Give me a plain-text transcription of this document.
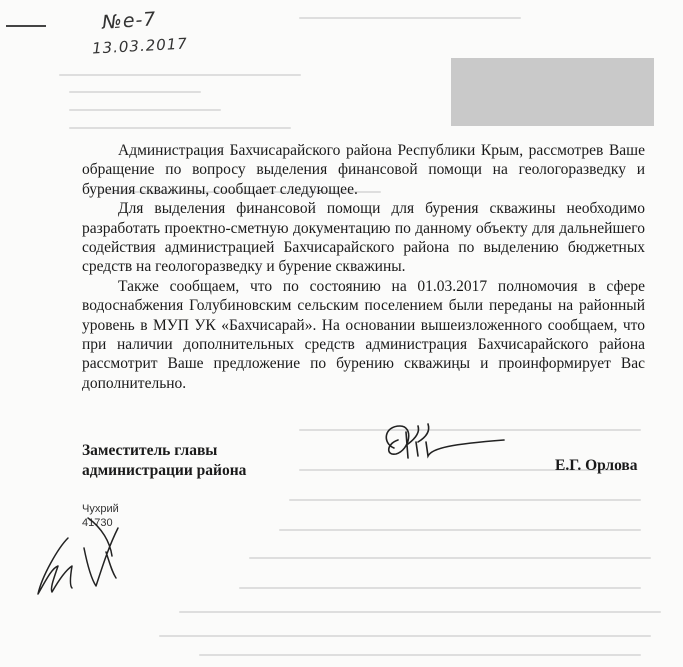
№е-7
13.03.2017

Администрация Бахчисарайского района Республики Крым, рассмотрев Ваше обращение по вопросу выделения финансовой помощи на геологоразведку и бурения скважины, сообщает следующее.

Для выделения финансовой помощи для бурения скважины необходимо разработать проектно-сметную документацию по данному объекту для дальнейшего содействия администрацией Бахчисарайского района по выделению бюджетных средств на геологоразведку и бурение скважины.

Также сообщаем, что по состоянию на 01.03.2017 полномочия в сфере водоснабжения Голубиновским сельским поселением были переданы на районный уровень в МУП УК «Бахчисарай». На основании вышеизложенного сообщаем, что при наличии дополнительных средств администрация Бахчисарайского района рассмотрит Ваше предложение по бурению скважиңы и проинформирует Вас дополнительно.

Заместитель главы
администрации района	Е.Г. Орлова
Чухрий
41730
